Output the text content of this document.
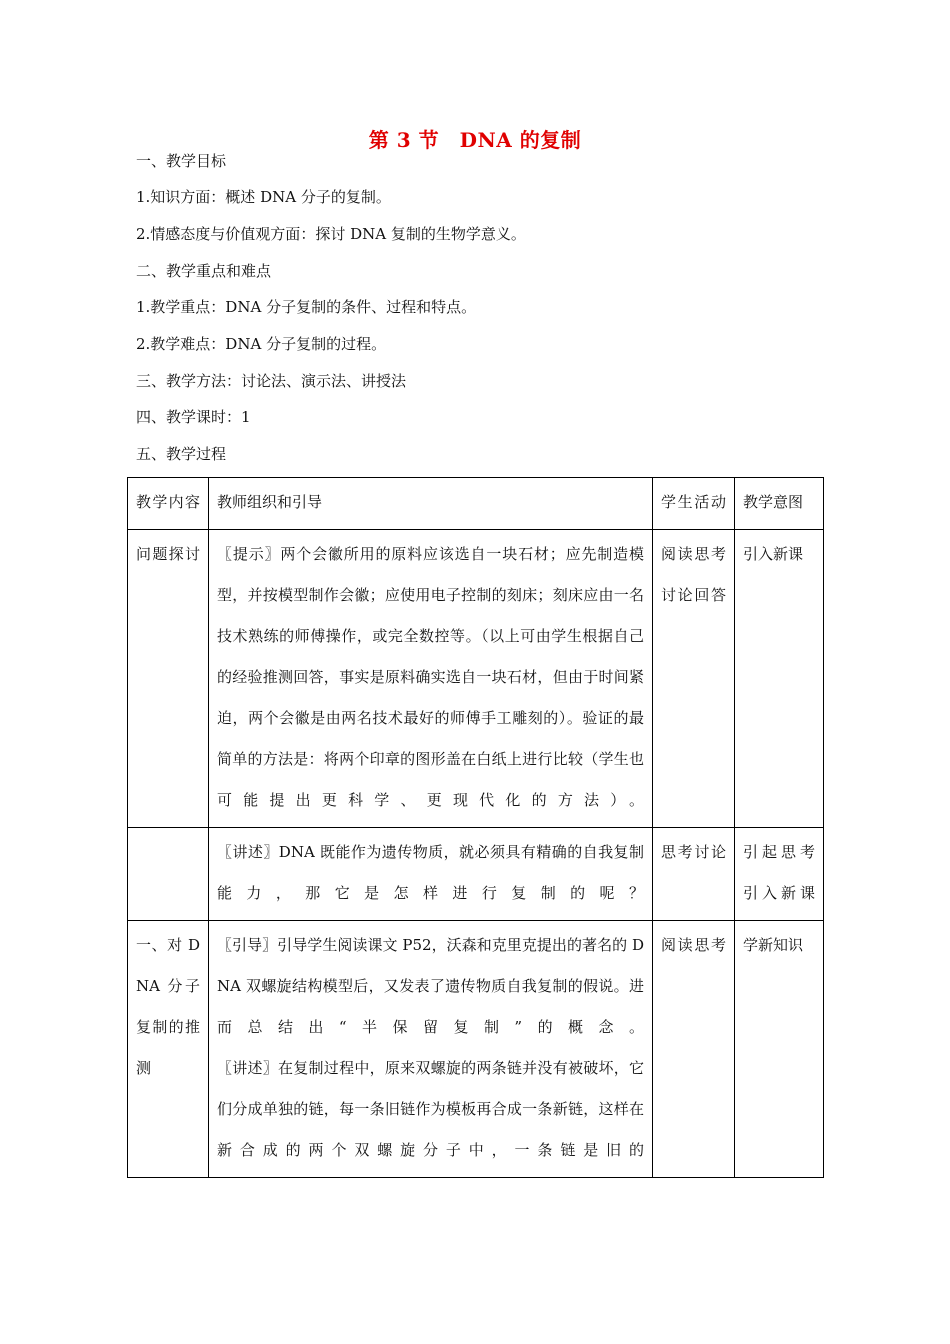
第 3 节　DNA 的复制
一、教学目标
1.知识方面：概述 DNA 分子的复制。
2.情感态度与价值观方面：探讨 DNA 复制的生物学意义。
二、教学重点和难点
1.教学重点：DNA 分子复制的条件、过程和特点。
2.教学难点：DNA 分子复制的过程。
三、教学方法：讨论法、演示法、讲授法
四、教学课时：1
五、教学过程
教学内容	教师组织和引导	学生活动	教学意图
问题探讨	〖提示〗两个会徽所用的原料应该选自一块石材；应先制造模型，并按模型制作会徽；应使用电子控制的刻床；刻床应由一名技术熟练的师傅操作，或完全数控等。（以上可由学生根据自己的经验推测回答，事实是原料确实选自一块石材，但由于时间紧迫，两个会徽是由两名技术最好的师傅手工雕刻的）。验证的最简单的方法是：将两个印章的图形盖在白纸上进行比较（学生也可能提出更科学、更现代化的方法）。	阅读思考讨论回答	引入新课
	〖讲述〗DNA 既能作为遗传物质，就必须具有精确的自我复制能力，那它是怎样进行复制的呢？	思考讨论	引起思考引入新课
一、对 DNA 分子复制的推测	〖引导〗引导学生阅读课文 P52，沃森和克里克提出的著名的 DNA 双螺旋结构模型后，又发表了遗传物质自我复制的假说。进而总结出“半保留复制”的概念。
〖讲述〗在复制过程中，原来双螺旋的两条链并没有被破坏，它们分成单独的链，每一条旧链作为模板再合成一条新链，这样在新合成的两个双螺旋分子中，一条链是旧的	阅读思考	学新知识
